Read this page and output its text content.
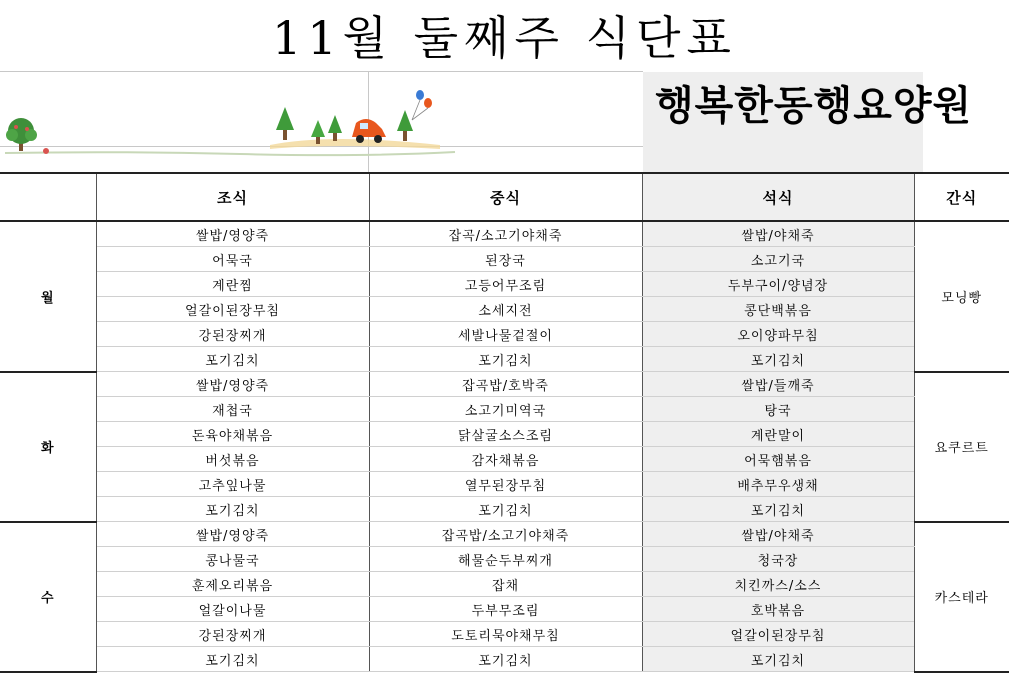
11월 둘째주 식단표
행복한동행요양원
	조식	중식	석식	간식
월	쌀밥/영양죽	잡곡/소고기야채죽	쌀밥/야채죽	모닝빵
	어묵국	된장국	소고기국	
	계란찜	고등어무조림	두부구이/양념장	
	얼갈이된장무침	소세지전	콩단백볶음	
	강된장찌개	세발나물겉절이	오이양파무침	
	포기김치	포기김치	포기김치	
화	쌀밥/영양죽	잡곡밥/호박죽	쌀밥/들깨죽	요쿠르트
	재첩국	소고기미역국	탕국	
	돈육야채볶음	닭살굴소스조림	계란말이	
	버섯볶음	감자채볶음	어묵햄볶음	
	고추잎나물	열무된장무침	배추무우생채	
	포기김치	포기김치	포기김치	
수	쌀밥/영양죽	잡곡밥/소고기야채죽	쌀밥/야채죽	카스테라
	콩나물국	해물순두부찌개	청국장	
	훈제오리볶음	잡채	치킨까스/소스	
	얼갈이나물	두부무조림	호박볶음	
	강된장찌개	도토리묵야채무침	얼갈이된장무침	
	포기김치	포기김치	포기김치	
